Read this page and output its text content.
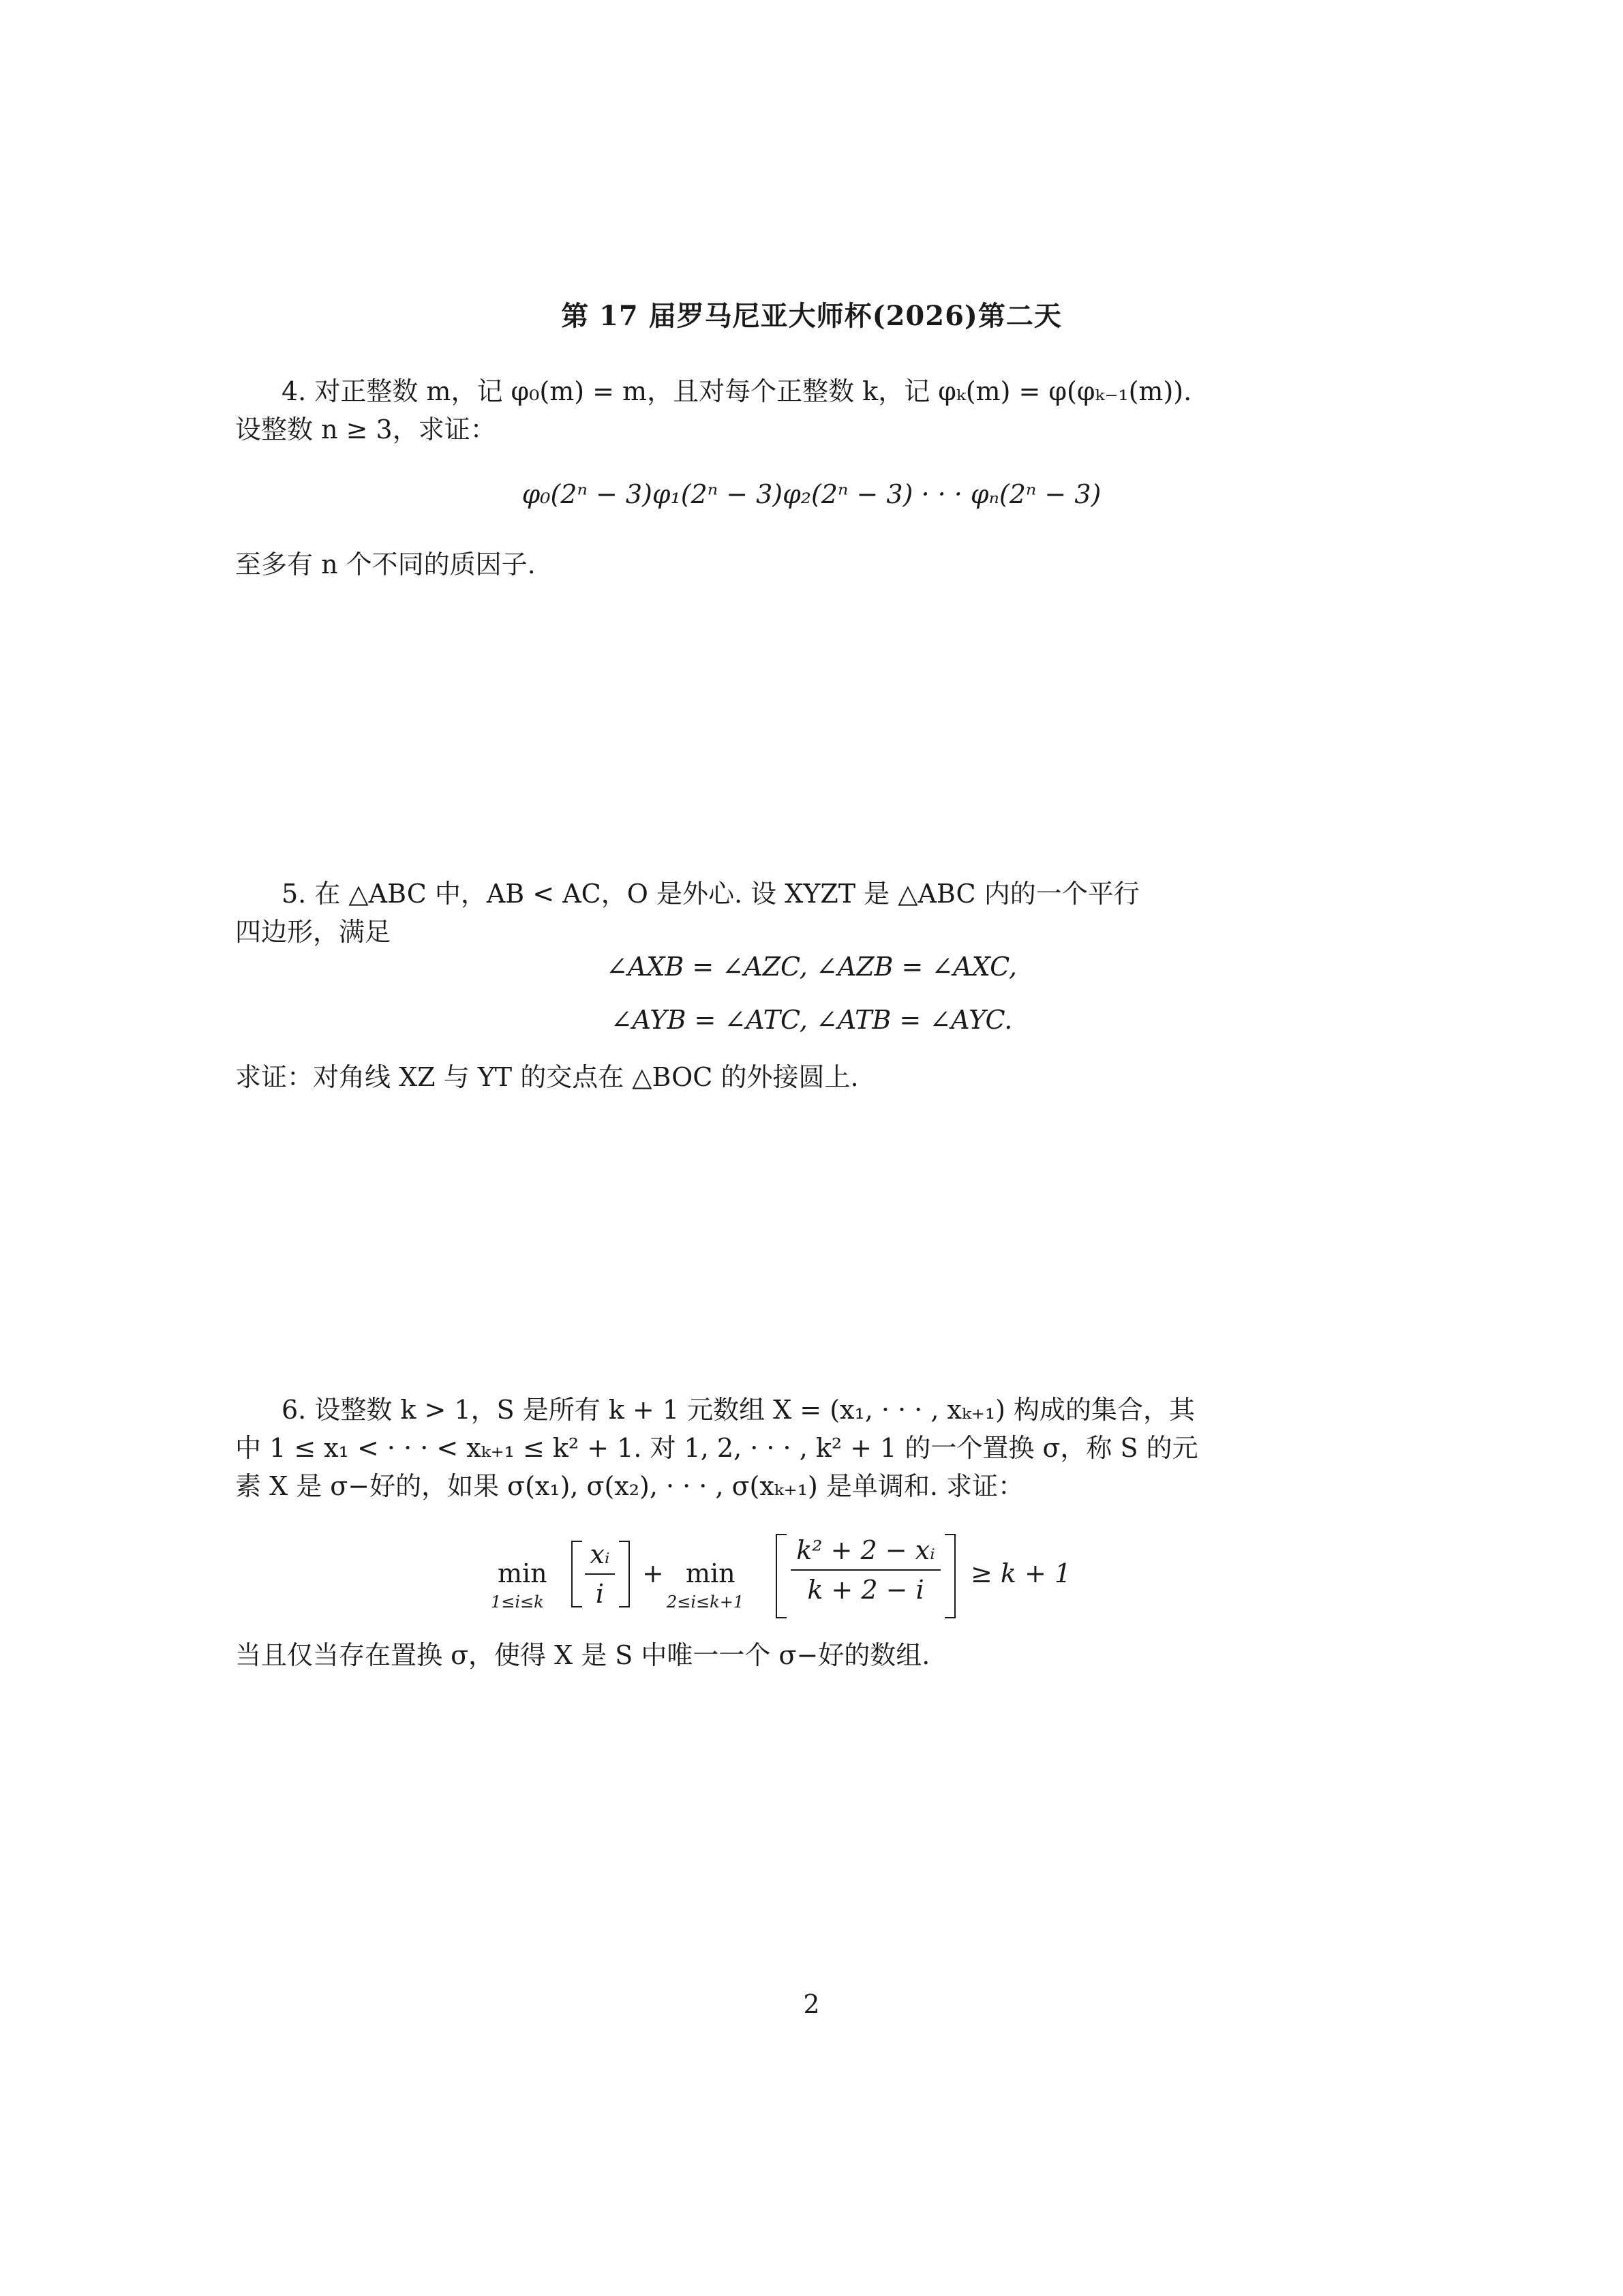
第 17 届罗马尼亚大师杯(2026)第二天
4. 对正整数 m，记 φ₀(m) = m，且对每个正整数 k，记 φₖ(m) = φ(φₖ₋₁(m)).
设整数 n ≥ 3，求证：
φ₀(2ⁿ − 3)φ₁(2ⁿ − 3)φ₂(2ⁿ − 3) · · · φₙ(2ⁿ − 3)
至多有 n 个不同的质因子.
5. 在 △ABC 中，AB < AC，O 是外心. 设 XYZT 是 △ABC 内的一个平行
四边形，满足
∠AXB = ∠AZC, ∠AZB = ∠AXC,
∠AYB = ∠ATC, ∠ATB = ∠AYC.
求证：对角线 XZ 与 YT 的交点在 △BOC 的外接圆上.
6. 设整数 k > 1，S 是所有 k + 1 元数组 X = (x₁, · · · , xₖ₊₁) 构成的集合，其
中 1 ≤ x₁ < · · · < xₖ₊₁ ≤ k² + 1. 对 1, 2, · · · , k² + 1 的一个置换 σ，称 S 的元
素 X 是 σ−好的，如果 σ(x₁), σ(x₂), · · · , σ(xₖ₊₁) 是单调和. 求证：
min
1≤i≤k
xᵢ
i
+ min
2≤i≤k+1
k² + 2 − xᵢ
k + 2 − i
≥ k + 1
当且仅当存在置换 σ，使得 X 是 S 中唯一一个 σ−好的数组.
2
